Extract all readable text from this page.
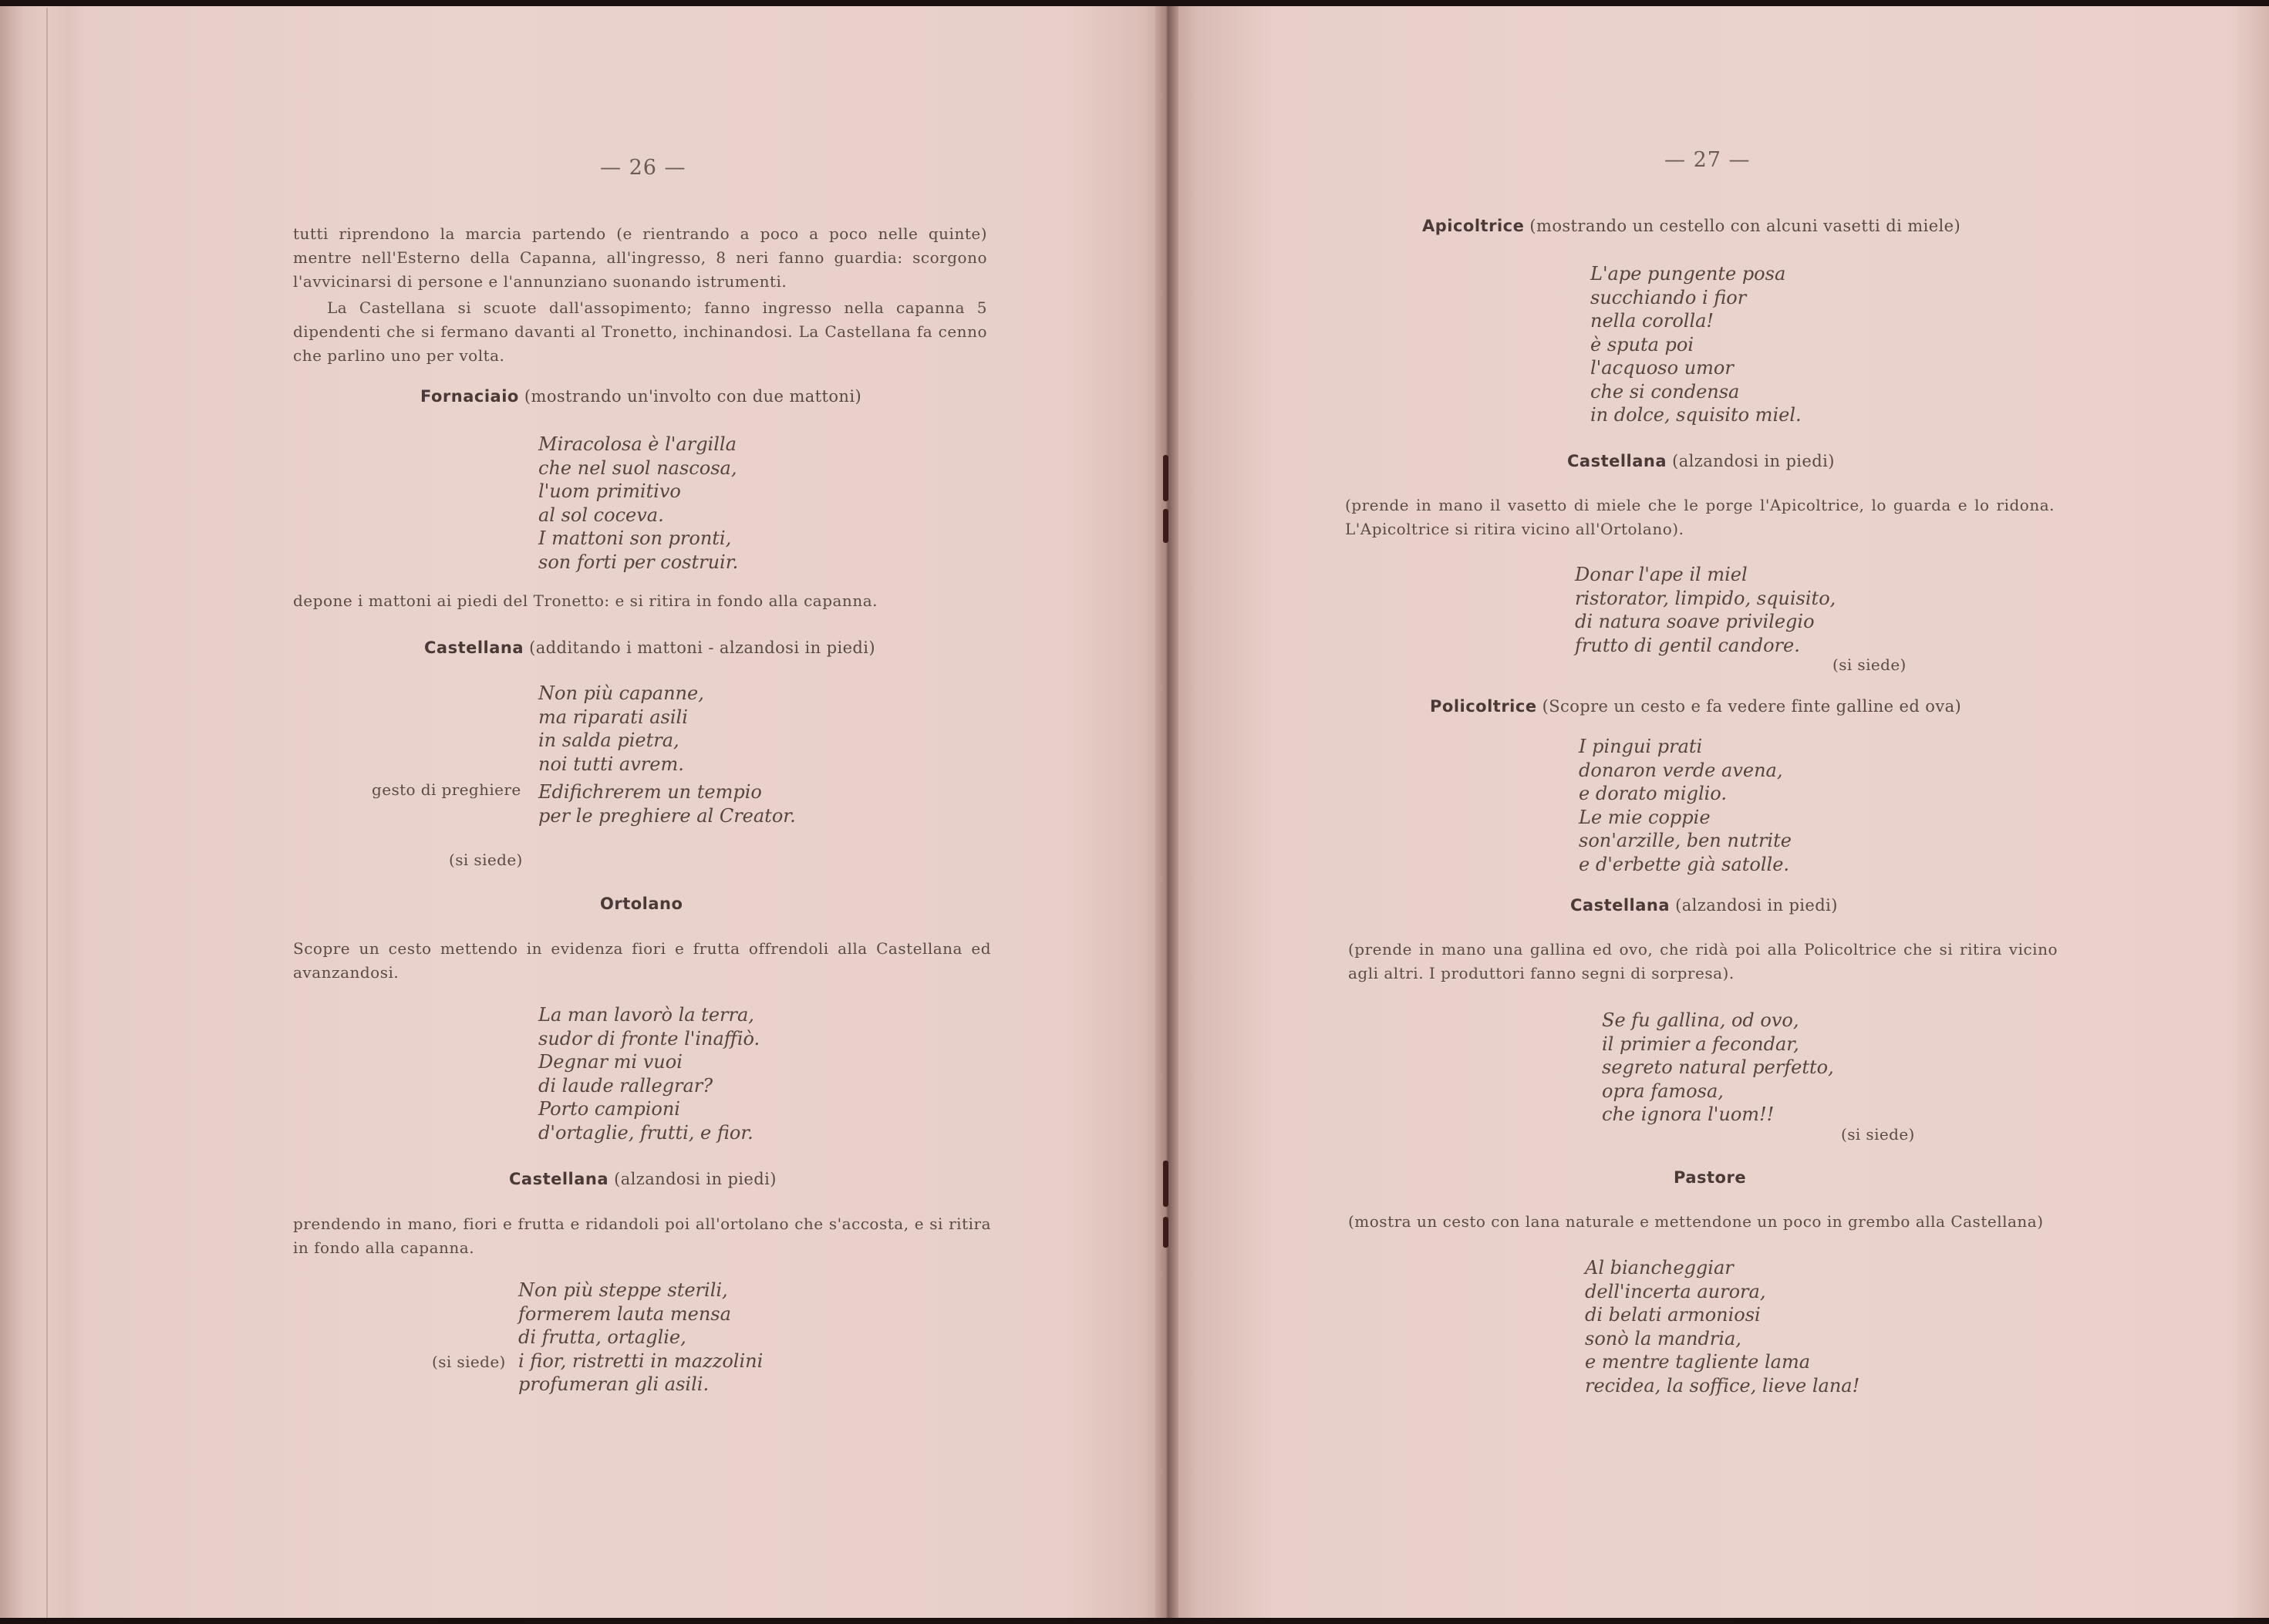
— 26 —

tutti riprendono la marcia partendo (e rientrando a poco a poco nelle quinte) mentre nell'Esterno della Capanna, all'ingresso, 8 neri fanno guardia: scorgono l'avvicinarsi di persone e l'annunziano suonando istrumenti.

La Castellana si scuote dall'assopimento; fanno ingresso nella capanna 5 dipendenti che si fermano davanti al Tronetto, inchinandosi. La Castellana fa cenno che parlino uno per volta.

Fornaciaio (mostrando un'involto con due mattoni)

Miracolosa è l'argilla
che nel suol nascosa,
l'uom primitivo
al sol coceva.
I mattoni son pronti,
son forti per costruir.

depone i mattoni ai piedi del Tronetto: e si ritira in fondo alla capanna.

Castellana (additando i mattoni - alzandosi in piedi)

Non più capanne,
ma riparati asili
in salda pietra,
noi tutti avrem.
Edifichrerem un tempio
per le preghiere al Creator.

gesto di preghiere

(si siede)

Ortolano

Scopre un cesto mettendo in evidenza fiori e frutta offrendoli alla Castellana ed avanzandosi.

La man lavorò la terra,
sudor di fronte l'inaffiò.
Degnar mi vuoi
di laude rallegrar?
Porto campioni
d'ortaglie, frutti, e fior.

Castellana (alzandosi in piedi)

prendendo in mano, fiori e frutta e ridandoli poi all'ortolano che s'accosta, e si ritira in fondo alla capanna.

Non più steppe sterili,
formerem lauta mensa
di frutta, ortaglie,
i fior, ristretti in mazzolini
profumeran gli asili.

(si siede)

— 27 —

Apicoltrice (mostrando un cestello con alcuni vasetti di miele)

L'ape pungente posa
succhiando i fior
nella corolla!
è sputa poi
l'acquoso umor
che si condensa
in dolce, squisito miel.

Castellana (alzandosi in piedi)

(prende in mano il vasetto di miele che le porge l'Apicoltrice, lo guarda e lo ridona. L'Apicoltrice si ritira vicino all'Ortolano).

Donar l'ape il miel
ristorator, limpido, squisito,
di natura soave privilegio
frutto di gentil candore.

(si siede)

Policoltrice (Scopre un cesto e fa vedere finte galline ed ova)

I pingui prati
donaron verde avena,
e dorato miglio.
Le mie coppie
son'arzille, ben nutrite
e d'erbette già satolle.

Castellana (alzandosi in piedi)

(prende in mano una gallina ed ovo, che ridà poi alla Policoltrice che si ritira vicino agli altri. I produttori fanno segni di sorpresa).

Se fu gallina, od ovo,
il primier a fecondar,
segreto natural perfetto,
opra famosa,
che ignora l'uom!!

(si siede)

Pastore

(mostra un cesto con lana naturale e mettendone un poco in grembo alla Castellana)

Al biancheggiar
dell'incerta aurora,
di belati armoniosi
sonò la mandria,
e mentre tagliente lama
recidea, la soffice, lieve lana!
